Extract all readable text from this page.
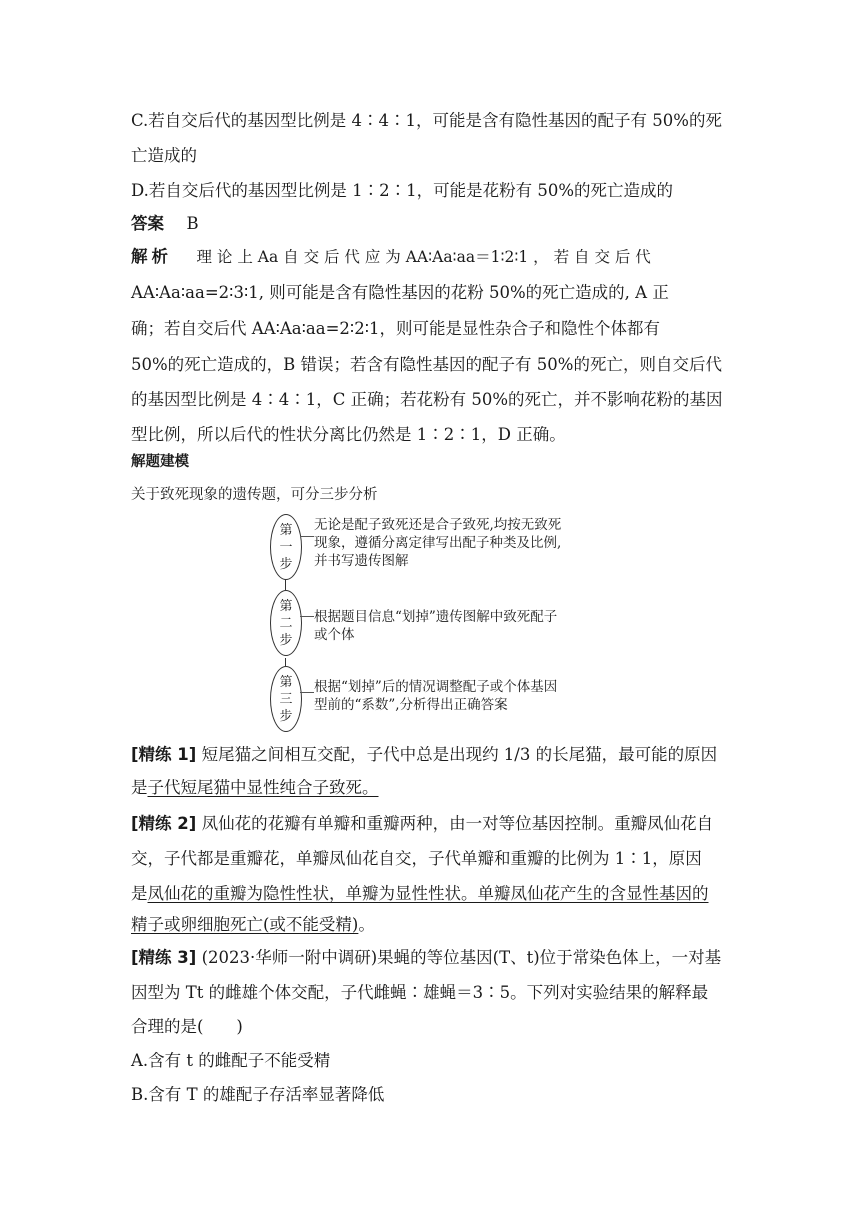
C.若自交后代的基因型比例是 4∶4∶1，可能是含有隐性基因的配子有 50%的死
亡造成的
D.若自交后代的基因型比例是 1∶2∶1，可能是花粉有 50%的死亡造成的
答案 B
解析 理 论 上 Aa 自 交 后 代 应 为 AA∶Aa∶aa＝1∶2∶1 ， 若 自 交 后 代
AA∶Aa∶aa=2∶3∶1, 则可能是含有隐性基因的花粉 50%的死亡造成的, A 正
确；若自交后代 AA∶Aa∶aa=2∶2∶1，则可能是显性杂合子和隐性个体都有
50%的死亡造成的，B 错误；若含有隐性基因的配子有 50%的死亡，则自交后代
的基因型比例是 4∶4∶1，C 正确；若花粉有 50%的死亡，并不影响花粉的基因
型比例，所以后代的性状分离比仍然是 1∶2∶1，D 正确。
解题建模
关于致死现象的遗传题，可分三步分析
第
一
步
无论是配子致死还是合子致死,均按无致死
现象，遵循分离定律写出配子种类及比例,
并书写遗传图解
第
二
步
根据题目信息“划掉”遗传图解中致死配子
或个体
第
三
步
根据“划掉”后的情况调整配子或个体基因
型前的“系数”,分析得出正确答案
[精练 1] 短尾猫之间相互交配，子代中总是出现约 1/3 的长尾猫，最可能的原因
是子代短尾猫中显性纯合子致死。
[精练 2] 凤仙花的花瓣有单瓣和重瓣两种，由一对等位基因控制。重瓣凤仙花自
交，子代都是重瓣花，单瓣凤仙花自交，子代单瓣和重瓣的比例为 1∶1，原因
是凤仙花的重瓣为隐性性状，单瓣为显性性状。单瓣凤仙花产生的含显性基因的
精子或卵细胞死亡(或不能受精)。
[精练 3] (2023·华师一附中调研)果蝇的等位基因(T、t)位于常染色体上，一对基
因型为 Tt 的雌雄个体交配，子代雌蝇∶雄蝇＝3∶5。下列对实验结果的解释最
合理的是(　　)
A.含有 t 的雌配子不能受精
B.含有 T 的雄配子存活率显著降低
